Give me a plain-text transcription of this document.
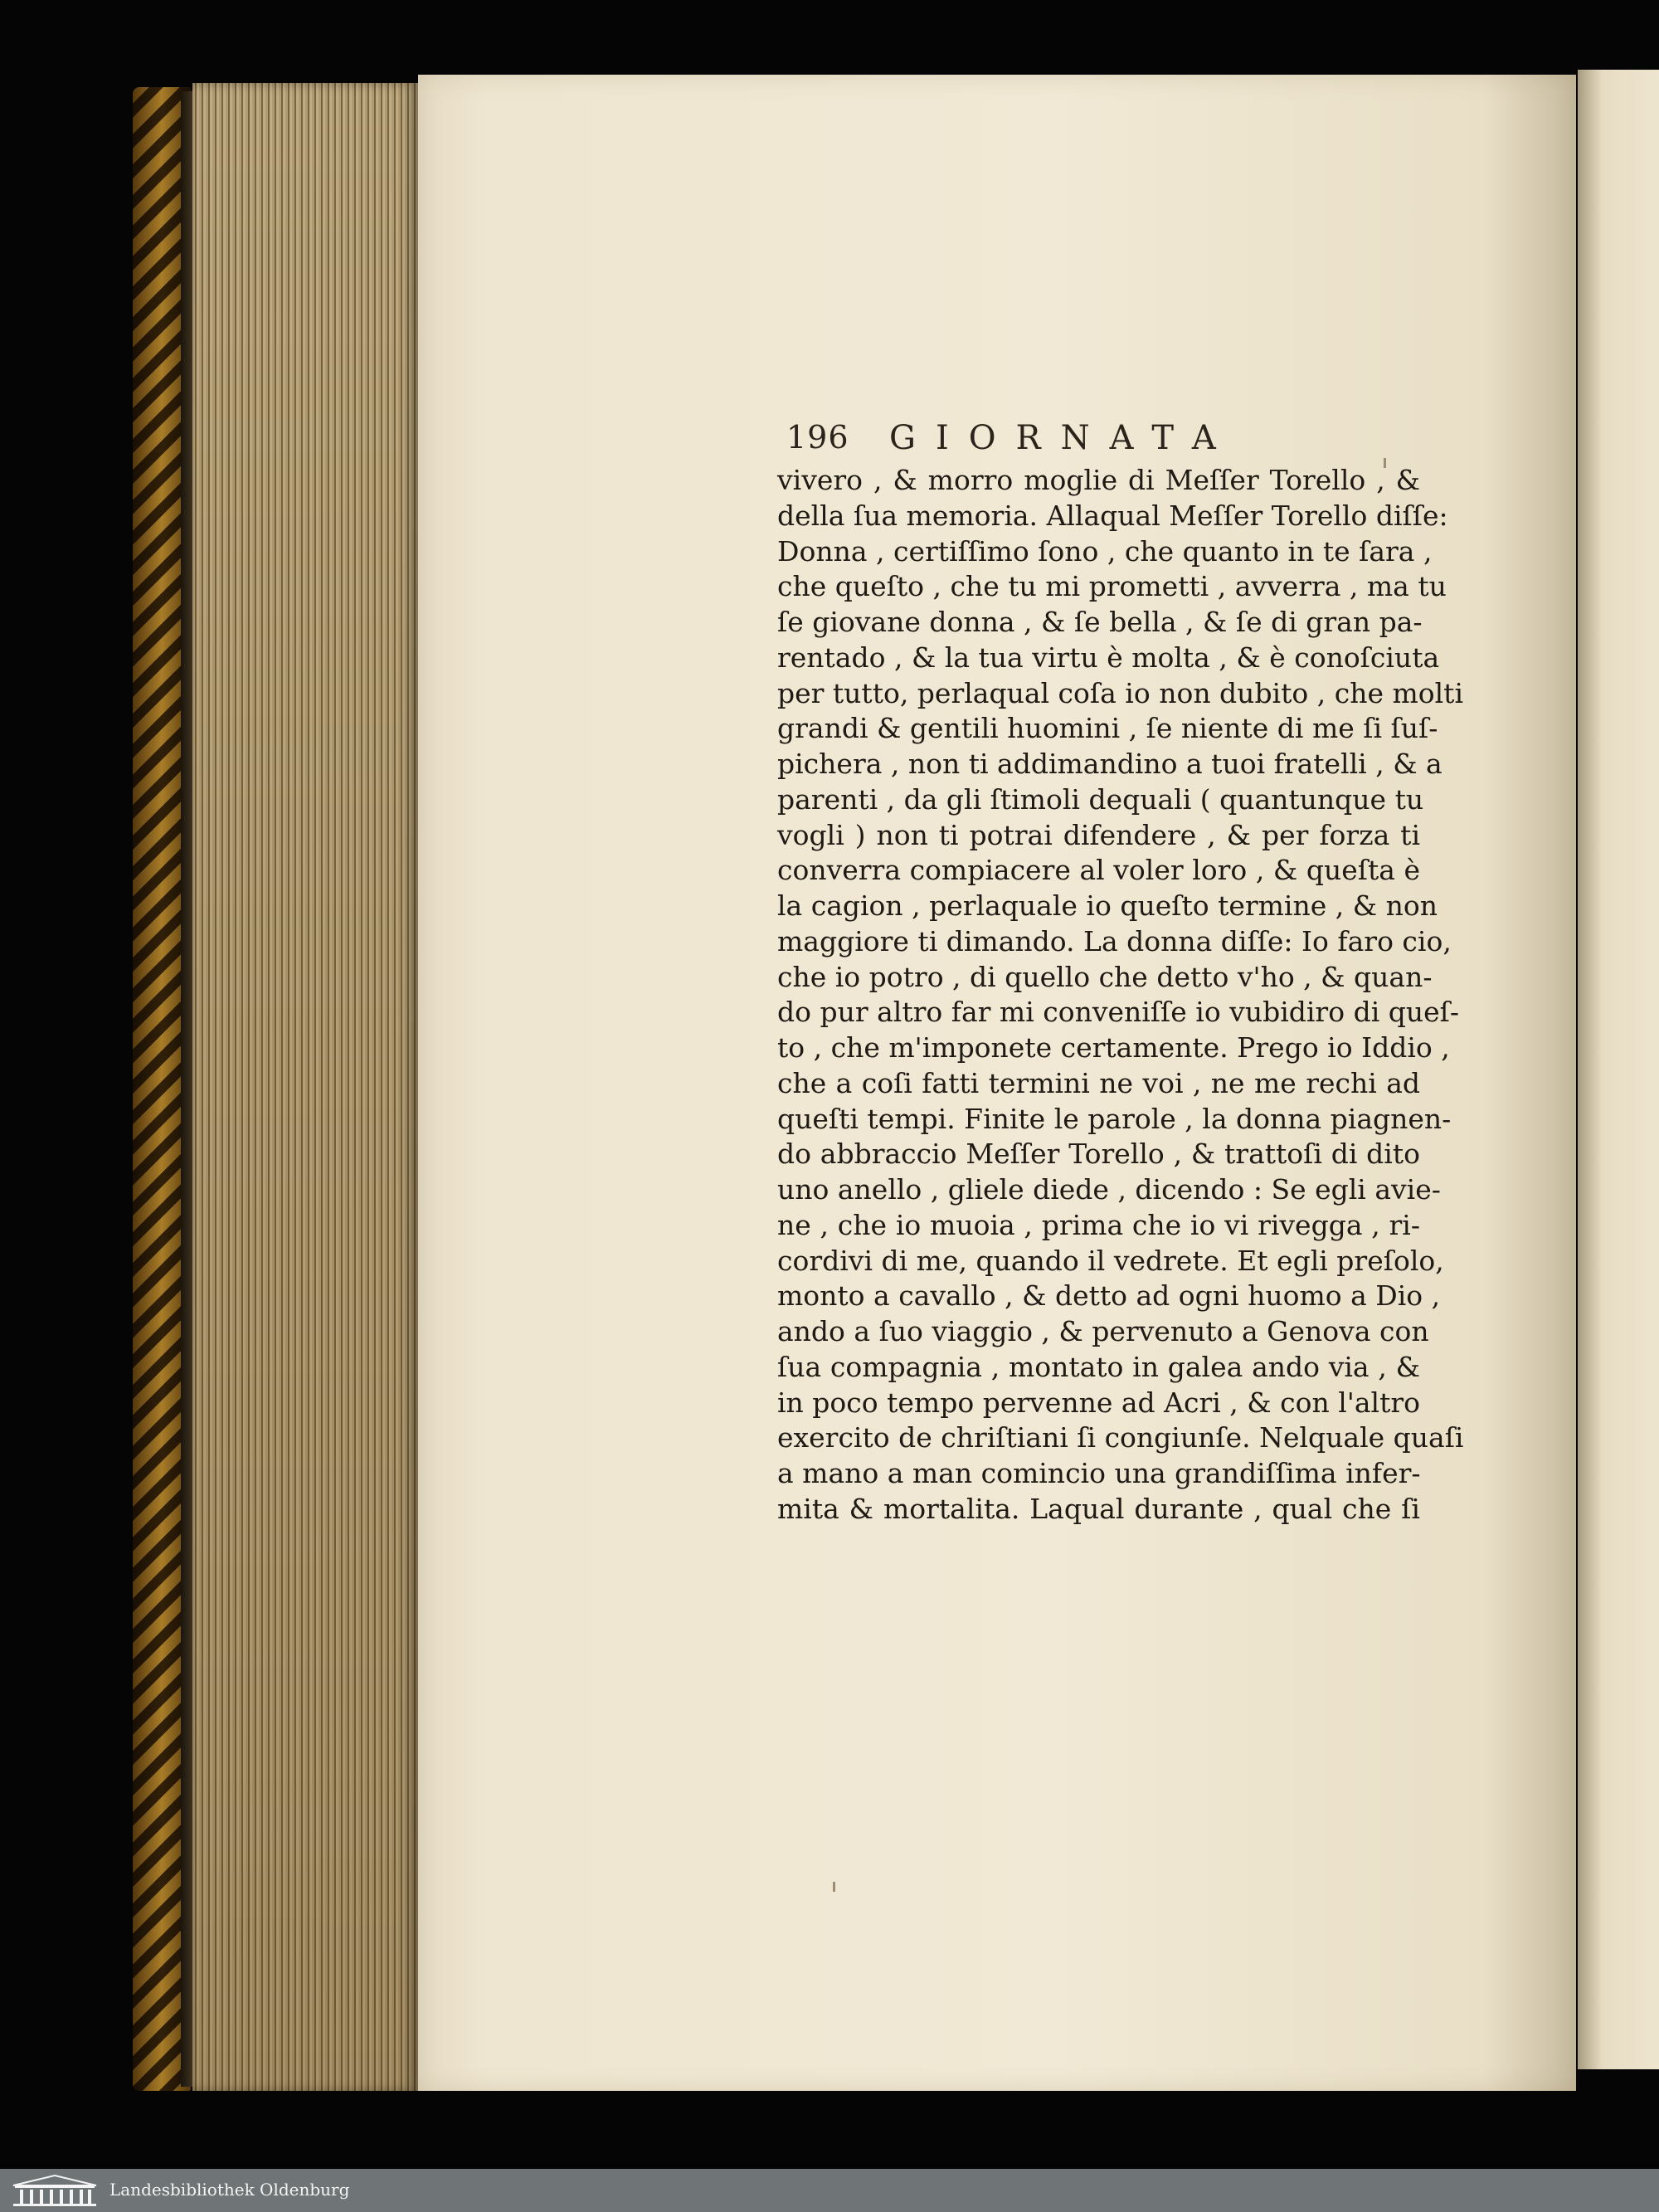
196 GIORNATA
vivero , & morro moglie di Meſſer Torello , &
della ſua memoria. Allaqual Meſſer Torello diſſe:
Donna , certiſſimo ſono , che quanto in te ſara ,
che queſto , che tu mi prometti , avverra , ma tu
ſe giovane donna , & ſe bella , & ſe di gran pa-
rentado , & la tua virtu è molta , & è conoſciuta
per tutto, perlaqual coſa io non dubito , che molti
grandi & gentili huomini , ſe niente di me ſi ſuſ-
pichera , non ti addimandino a tuoi fratelli , & a
parenti , da gli ſtimoli dequali ( quantunque tu
vogli ) non ti potrai difendere , & per forza ti
converra compiacere al voler loro , & queſta è
la cagion , perlaquale io queſto termine , & non
maggiore ti dimando. La donna diſſe: Io faro cio,
che io potro , di quello che detto v'ho , & quan-
do pur altro far mi conveniſſe io vubidiro di queſ-
to , che m'imponete certamente. Prego io Iddio ,
che a coſi fatti termini ne voi , ne me rechi ad
queſti tempi. Finite le parole , la donna piagnen-
do abbraccio Meſſer Torello , & trattoſi di dito
uno anello , gliele diede , dicendo : Se egli avie-
ne , che io muoia , prima che io vi rivegga , ri-
cordivi di me, quando il vedrete. Et egli preſolo,
monto a cavallo , & detto ad ogni huomo a Dio ,
ando a ſuo viaggio , & pervenuto a Genova con
ſua compagnia , montato in galea ando via , &
in poco tempo pervenne ad Acri , & con l'altro
exercito de chriſtiani ſi congiunſe. Nelquale quaſi
a mano a man comincio una grandiſſima infer-
mita & mortalita. Laqual durante , qual che ſi
Landesbibliothek Oldenburg
